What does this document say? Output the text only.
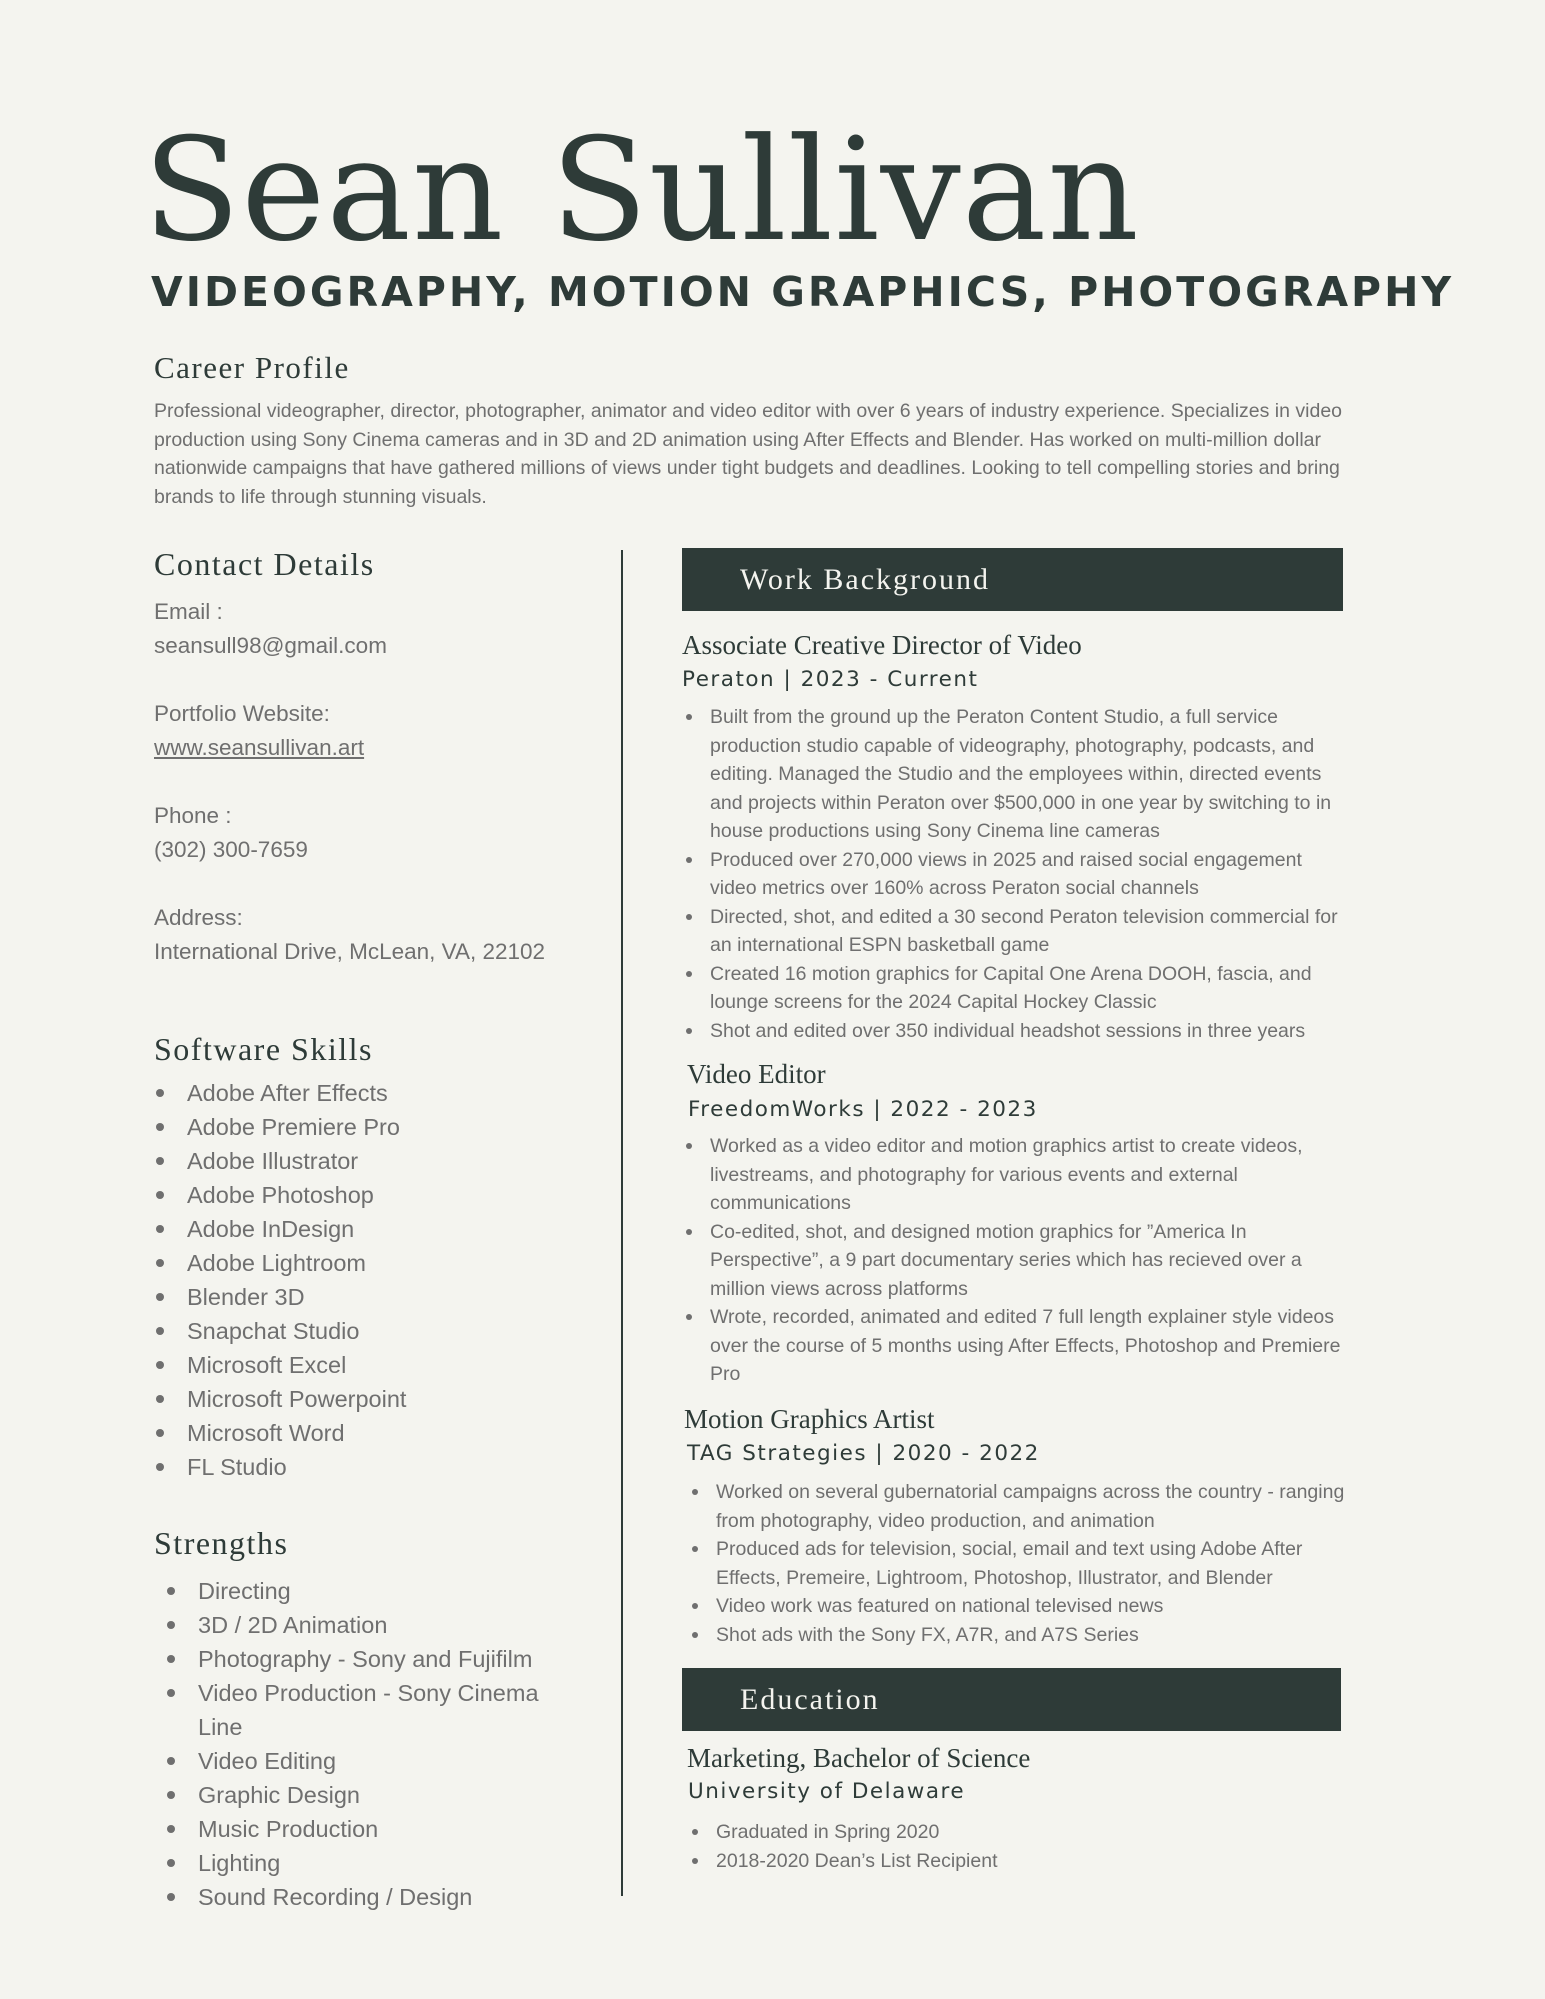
Sean Sullivan
VIDEOGRAPHY, MOTION GRAPHICS, PHOTOGRAPHY
Career Profile
Professional videographer, director, photographer, animator and video editor with over 6 years of industry experience. Specializes in video production using Sony Cinema cameras and in 3D and 2D animation using After Effects and Blender. Has worked on multi-million dollar nationwide campaigns that have gathered millions of views under tight budgets and deadlines. Looking to tell compelling stories and bring brands to life through stunning visuals.
Contact Details
Email :
seansull98@gmail.com
Portfolio Website:
www.seansullivan.art
Phone :
(302) 300-7659
Address:
International Drive, McLean, VA, 22102
Software Skills
Adobe After Effects
Adobe Premiere Pro
Adobe Illustrator
Adobe Photoshop
Adobe InDesign
Adobe Lightroom
Blender 3D
Snapchat Studio
Microsoft Excel
Microsoft Powerpoint
Microsoft Word
FL Studio
Strengths
Directing
3D / 2D Animation
Photography - Sony and Fujifilm
Video Production - Sony Cinema Line
Video Editing
Graphic Design
Music Production
Lighting
Sound Recording / Design
Work Background
Associate Creative Director of Video
Peraton | 2023 - Current
Built from the ground up the Peraton Content Studio, a full service production studio capable of videography, photography, podcasts, and editing. Managed the Studio and the employees within, directed events and projects within Peraton over $500,000 in one year by switching to in house productions using Sony Cinema line cameras
Produced over 270,000 views in 2025 and raised social engagement video metrics over 160% across Peraton social channels
Directed, shot, and edited a 30 second Peraton television commercial for an international ESPN basketball game
Created 16 motion graphics for Capital One Arena DOOH, fascia, and lounge screens for the 2024 Capital Hockey Classic
Shot and edited over 350 individual headshot sessions in three years
Video Editor
FreedomWorks | 2022 - 2023
Worked as a video editor and motion graphics artist to create videos, livestreams, and photography for various events and external communications
Co-edited, shot, and designed motion graphics for ”America In Perspective”, a 9 part documentary series which has recieved over a million views across platforms
Wrote, recorded, animated and edited 7 full length explainer style videos over the course of 5 months using After Effects, Photoshop and Premiere Pro
Motion Graphics Artist
TAG Strategies | 2020 - 2022
Worked on several gubernatorial campaigns across the country - ranging from photography, video production, and animation
Produced ads for television, social, email and text using Adobe After Effects, Premeire, Lightroom, Photoshop, Illustrator, and Blender
Video work was featured on national televised news
Shot ads with the Sony FX, A7R, and A7S Series
Education
Marketing, Bachelor of Science
University of Delaware
Graduated in Spring 2020
2018-2020 Dean’s List Recipient
